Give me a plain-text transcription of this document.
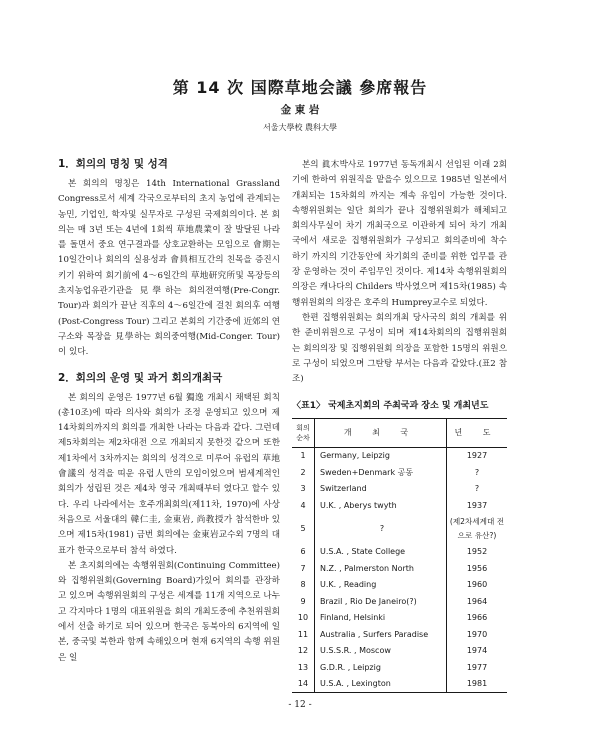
第 14 次 国際草地会議 參席報告
金 東 岩
서울大學校 農科大學
1．회의의 명칭 및 성격

본 회의의 명칭은 14th International Grassland Congress로서 세계 각국으로부터의 초지 농업에 관계되는 농민, 기업인, 학자및 실무자로 구성된 국제회의이다. 본 회의는 매 3년 또는 4년에 1회씩 草地農業이 잘 발달된 나라를 돌면서 중요 연구결과를 상호교환하는 모임으로 會期는 10일간이나 회의의 실용성과 會員相互간의 친목을 증진시키기 위하여 회기前에 4～6일간의 草地研究所및 목장등의 초지농업유관기관을 見學하는 회의전여행(Pre-Congr. Tour)과 회의가 끝난 직후의 4～6일간에 걸친 회의후 여행(Post-Congress Tour) 그리고 본회의 기간중에 近郊의 연구소와 목장을 見學하는 회의중여행(Mid-Conger. Tour)이 있다.

2．회의의 운영 및 과거 회의개최국

본 회의의 운영은 1977년 6월 獨逸 개최시 채택된 회칙(총10조)에 따라 의사와 회의가 조정 운영되고 있으며 제14차회의까지의 회의를 개최한 나라는 다음과 같다. 그런데 제5차회의는 제2차대전 으로 개최되지 못한것 같으며 또한 제1차에서 3차까지는 회의의 성격으로 미루어 유럽의 草地會議의 성격을 띠운 유럽人만의 모임이었으며 범세계적인 회의가 성립된 것은 제4차 영국 개최때부터 였다고 할수 있다. 우리 나라에서는 호주개최회의(제11차, 1970)에 사상 처음으로 서울대의 韓仁圭, 金東岩, 尚教授가 참석한바 있으며 제15차(1981) 금번 회의에는 金東岩교수외 7명의 대표가 한국으로부터 참석 하였다.

본 초지회의에는 속행위원회(Continuing Committee)와 집행위원회(Governing Board)가있어 회의를 관장하고 있으며 속행위원회의 구성은 세계를 11개 지역으로 나누고 각지마다 1명의 대표위원을 회의 개최도중에 추천위원회에서 선출 하기로 되어 있으며 한국은 동북아의 6지역에 일본, 중국및 북한과 함께 속해있으며 현재 6지역의 속행 위원은 일

본의 眞木박사로 1977년 동독개최시 선임된 이래 2회기에 한하여 위원직을 맡을수 있으므로 1985년 일본에서 개최되는 15차회의 까지는 계속 유임이 가능한 것이다. 속행위원회는 일단 회의가 끝나 집행위원회가 해체되고 회의사무실이 차기 개최국으로 이관하게 되어 차기 개최국에서 새로운 집행위원회가 구성되고 회의준비에 착수 하기 까지의 기간동안에 차기회의 준비를 위한 업무를 관장 운영하는 것이 주임무인 것이다. 제14차 속행위원회의 의장은 캐나다의 Childers 박사였으며 제15차(1985) 속행위원회의 의장은 호주의 Humprey교수로 되었다.

한편 집행위원회는 회의개최 당사국의 회의 개최를 위한 준비위원으로 구성이 되며 제14차회의의 집행위원회는 회의의장 및 집행위원회 의장을 포함한 15명의 위원으로 구성이 되었으며 그탄탕 부서는 다음과 같았다.(표2 참조)

〈표1〉 국제초지회의 주최국과 장소 및 개최년도
회의 순차	개 최 국	년 도
1	Germany, Leipzig	1927
2	Sweden+Denmark 공동	?
3	Switzerland	?
4	U.K. , Aberys twyth	1937
5	?	(제2차세계대 전으로 유산?)
6	U.S.A. , State College	1952
7	N.Z. , Palmerston North	1956
8	U.K. , Reading	1960
9	Brazil , Rio De Janeiro(?)	1964
10	Finland, Helsinki	1966
11	Australia , Surfers Paradise	1970
12	U.S.S.R. , Moscow	1974
13	G.D.R. , Leipzig	1977
14	U.S.A. , Lexington	1981
- 12 -
